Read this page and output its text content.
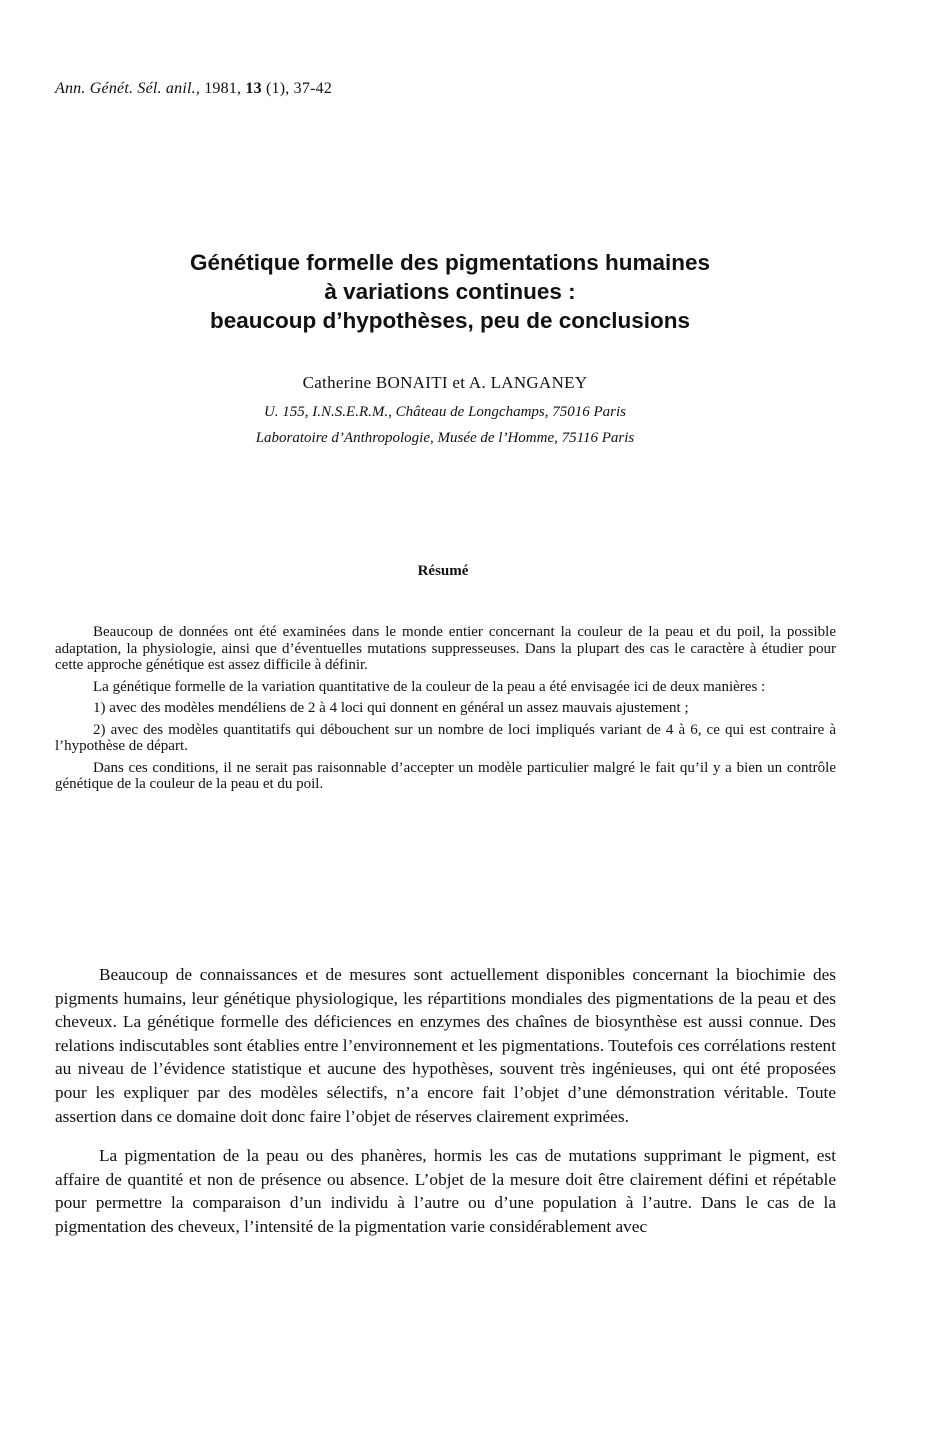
Ann. Génét. Sél. anil., 1981, 13 (1), 37-42
Génétique formelle des pigmentations humaines
à variations continues :
beaucoup d’hypothèses, peu de conclusions
Catherine BONAITI et A. LANGANEY
U. 155, I.N.S.E.R.M., Château de Longchamps, 75016 Paris
Laboratoire d’Anthropologie, Musée de l’Homme, 75116 Paris
Résumé

Beaucoup de données ont été examinées dans le monde entier concernant la couleur de la peau et du poil, la possible adaptation, la physiologie, ainsi que d’éventuelles mutations suppresseuses. Dans la plupart des cas le caractère à étudier pour cette approche génétique est assez difficile à définir.

La génétique formelle de la variation quantitative de la couleur de la peau a été envisagée ici de deux manières :

1) avec des modèles mendéliens de 2 à 4 loci qui donnent en général un assez mauvais ajustement ;

2) avec des modèles quantitatifs qui débouchent sur un nombre de loci impliqués variant de 4 à 6, ce qui est contraire à l’hypothèse de départ.

Dans ces conditions, il ne serait pas raisonnable d’accepter un modèle particulier malgré le fait qu’il y a bien un contrôle génétique de la couleur de la peau et du poil.

Beaucoup de connaissances et de mesures sont actuellement disponibles concernant la biochimie des pigments humains, leur génétique physiologique, les répartitions mondiales des pigmentations de la peau et des cheveux. La génétique formelle des déficiences en enzymes des chaînes de biosynthèse est aussi connue. Des relations indiscutables sont établies entre l’environnement et les pigmentations. Toutefois ces corrélations restent au niveau de l’évidence statistique et aucune des hypothèses, souvent très ingénieuses, qui ont été proposées pour les expliquer par des modèles sélectifs, n’a encore fait l’objet d’une démonstration véritable. Toute assertion dans ce domaine doit donc faire l’objet de réserves clairement exprimées.

La pigmentation de la peau ou des phanères, hormis les cas de mutations supprimant le pigment, est affaire de quantité et non de présence ou absence. L’objet de la mesure doit être clairement défini et répétable pour permettre la comparaison d’un individu à l’autre ou d’une population à l’autre. Dans le cas de la pigmentation des cheveux, l’intensité de la pigmentation varie considérablement avec
